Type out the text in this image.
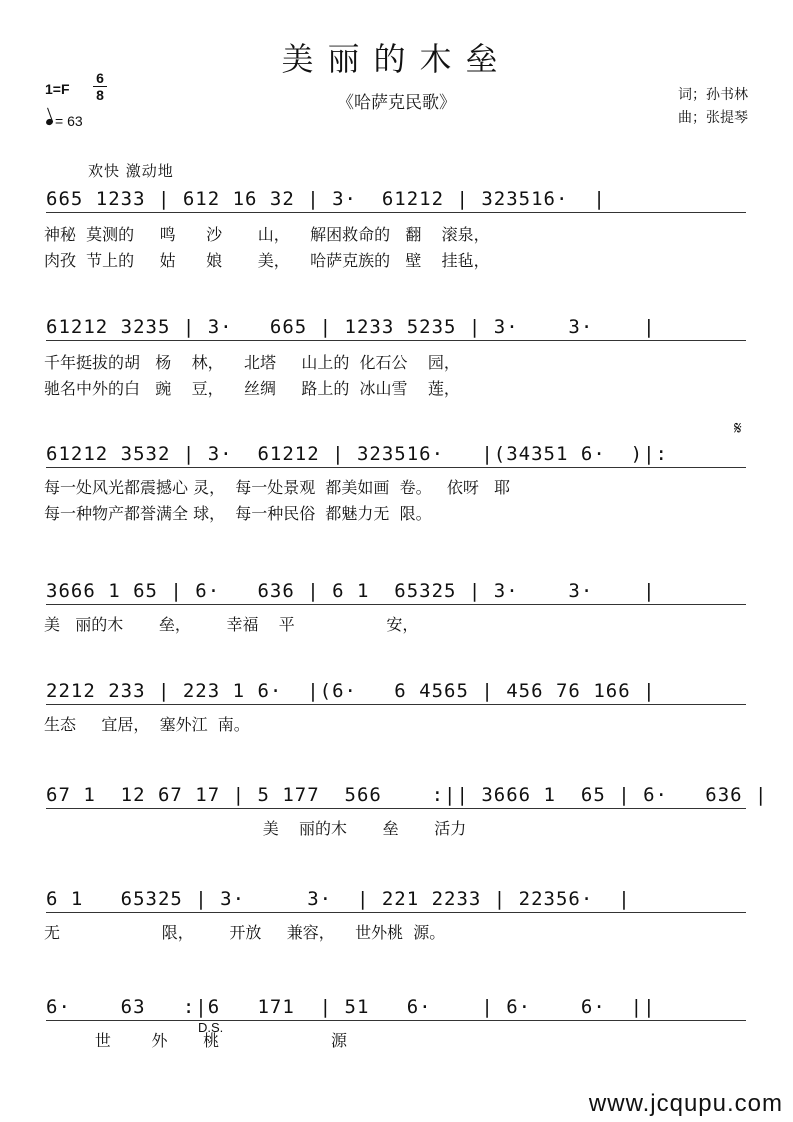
美丽的木垒
《哈萨克民歌》	词；孙书林
曲；张提琴
1=F
6
8
= 63
欢快 激动地
665 1233 | 612 16 32 | 3·  61212 | 323516·  |
神秘  莫测的     鸣      沙       山，    解困救命的   翻    滚泉，
肉孜  节上的     姑      娘       美，    哈萨克族的   壁    挂毡，
61212 3235 | 3·   665 | 1233 5235 | 3·    3·    |
千年挺拔的胡   杨    林，    北塔     山上的  化石公    园，
驰名中外的白   豌    豆，    丝绸     路上的  冰山雪    莲，
61212 3532 | 3·  61212 | 323516·   |(34351 6·  )|:
每一处风光都震撼心 灵，  每一处景观  都美如画  卷。   依呀   耶
每一种物产都誉满全 球，  每一种民俗  都魅力无  限。
𝄋
3666 1 65 | 6·   636 | 6 1  65325 | 3·    3·    |
美   丽的木       垒，       幸福    平                  安，
2212 233 | 223 1 6·  |(6·   6 4565 | 456 76 166 |
生态     宜居，  塞外江  南。
67 1  12 67 17 | 5 177  566    :|| 3666 1  65 | 6·   636 |
美    丽的木       垒       活力
6 1   65325 | 3·     3·  | 221 2233 | 22356·  |
无                    限，       开放     兼容，    世外桃  源。
6·    63   :|6   171  | 51   6·    | 6·    6·  ||
世        外       桃                      源
D.S.
www.jcqupu.com
